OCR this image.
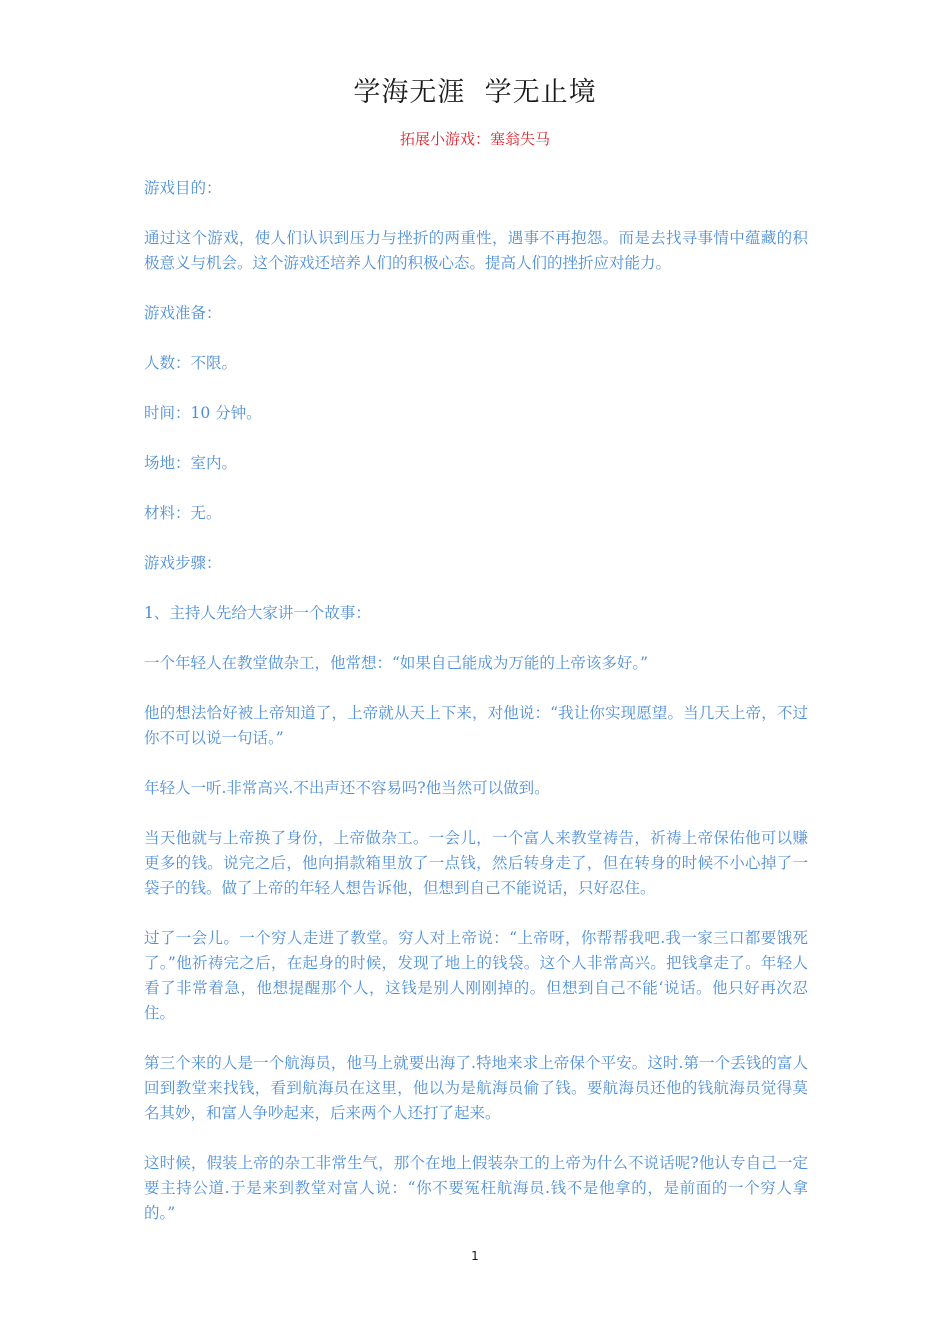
学海无涯  学无止境
拓展小游戏：塞翁失马

游戏目的：

通过这个游戏，使人们认识到压力与挫折的两重性，遇事不再抱怨。而是去找寻事情中蕴藏的积极意义与机会。这个游戏还培养人们的积极心态。提高人们的挫折应对能力。

游戏准备：

人数：不限。

时间：10 分钟。

场地：室内。

材料：无。

游戏步骤：

1、主持人先给大家讲一个故事：

一个年轻人在教堂做杂工，他常想：“如果自己能成为万能的上帝该多好。”

他的想法恰好被上帝知道了，上帝就从天上下来，对他说：“我让你实现愿望。当几天上帝，不过你不可以说一句话。”

年轻人一听.非常高兴.不出声还不容易吗?他当然可以做到。

当天他就与上帝换了身份，上帝做杂工。一会儿，一个富人来教堂祷告，祈祷上帝保佑他可以赚更多的钱。说完之后，他向捐款箱里放了一点钱，然后转身走了，但在转身的时候不小心掉了一袋子的钱。做了上帝的年轻人想告诉他，但想到自己不能说话，只好忍住。

过了一会儿。一个穷人走进了教堂。穷人对上帝说：“上帝呀，你帮帮我吧.我一家三口都要饿死了。”他祈祷完之后，在起身的时候，发现了地上的钱袋。这个人非常高兴。把钱拿走了。年轻人看了非常着急，他想提醒那个人，这钱是别人刚刚掉的。但想到自己不能‘说话。他只好再次忍住。

第三个来的人是一个航海员，他马上就要出海了.特地来求上帝保个平安。这时.第一个丢钱的富人回到教堂来找钱，看到航海员在这里，他以为是航海员偷了钱。要航海员还他的钱航海员觉得莫名其妙，和富人争吵起来，后来两个人还打了起来。

这时候，假装上帝的杂工非常生气，那个在地上假装杂工的上帝为什么不说话呢?他认专自己一定要主持公道.于是来到教堂对富人说：“你不要冤枉航海员.钱不是他拿的，是前面的一个穷人拿的。”

1
